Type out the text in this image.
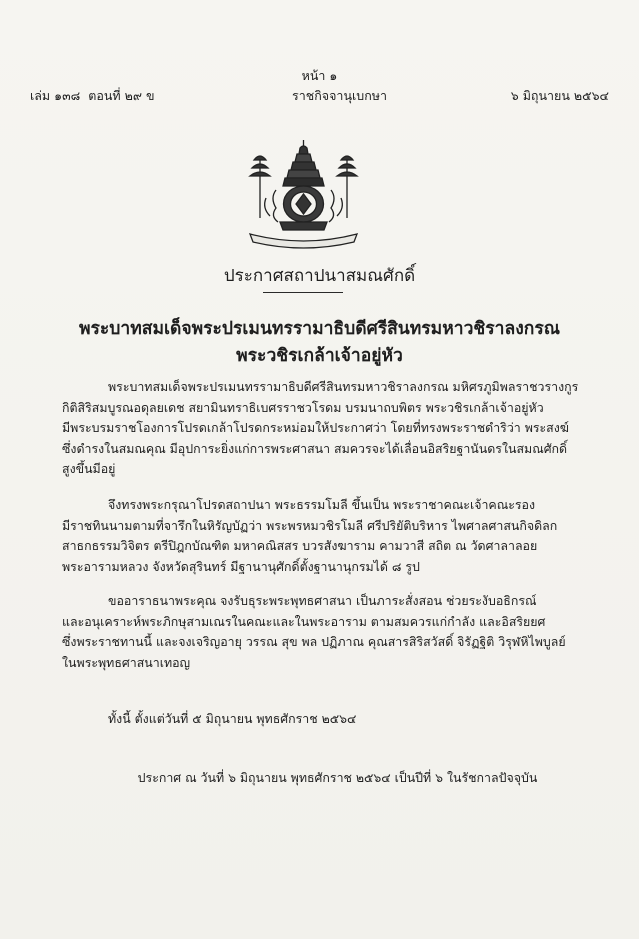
หน้า ๑
เล่ม ๑๓๘ ตอนที่ ๒๙ ข	ราชกิจจานุเบกษา	๖ มิถุนายน ๒๕๖๔
ประกาศสถาปนาสมณศักดิ์
พระบาทสมเด็จพระปรเมนทรรามาธิบดีศรีสินทรมหาวชิราลงกรณ
พระวชิรเกล้าเจ้าอยู่หัว
พระบาทสมเด็จพระปรเมนทรรามาธิบดีศรีสินทรมหาวชิราลงกรณ มหิศรภูมิพลราชวรางกูร
กิติสิริสมบูรณอดุลยเดช สยามินทราธิเบศรราชวโรดม บรมนาถบพิตร พระวชิรเกล้าเจ้าอยู่หัว
มีพระบรมราชโองการโปรดเกล้าโปรดกระหม่อมให้ประกาศว่า โดยที่ทรงพระราชดำริว่า พระสงฆ์
ซึ่งดำรงในสมณคุณ มีอุปการะยิ่งแก่การพระศาสนา สมควรจะได้เลื่อนอิสริยฐานันดรในสมณศักดิ์
สูงขึ้นมีอยู่
จึงทรงพระกรุณาโปรดสถาปนา พระธรรมโมลี ขึ้นเป็น พระราชาคณะเจ้าคณะรอง
มีราชทินนามตามที่จารึกในหิรัญบัฏว่า พระพรหมวชิรโมลี ศรีปริยัติบริหาร ไพศาลศาสนกิจดิลก
สาธกธรรมวิจิตร ตรีปิฎกบัณฑิต มหาคณิสสร บวรสังฆาราม คามวาสี สถิต ณ วัดศาลาลอย
พระอารามหลวง จังหวัดสุรินทร์ มีฐานานุศักดิ์ตั้งฐานานุกรมได้ ๘ รูป
ขออาราธนาพระคุณ จงรับธุระพระพุทธศาสนา เป็นภาระสั่งสอน ช่วยระงับอธิกรณ์
และอนุเคราะห์พระภิกษุสามเณรในคณะและในพระอาราม ตามสมควรแก่กำลัง และอิสริยยศ
ซึ่งพระราชทานนี้ และจงเจริญอายุ วรรณ สุข พล ปฏิภาณ คุณสารสิริสวัสดิ์ จิรัฏฐิติ วิรุฬหิไพบูลย์
ในพระพุทธศาสนาเทอญ
ทั้งนี้ ตั้งแต่วันที่ ๕ มิถุนายน พุทธศักราช ๒๕๖๔
ประกาศ ณ วันที่ ๖ มิถุนายน พุทธศักราช ๒๕๖๔ เป็นปีที่ ๖ ในรัชกาลปัจจุบัน
